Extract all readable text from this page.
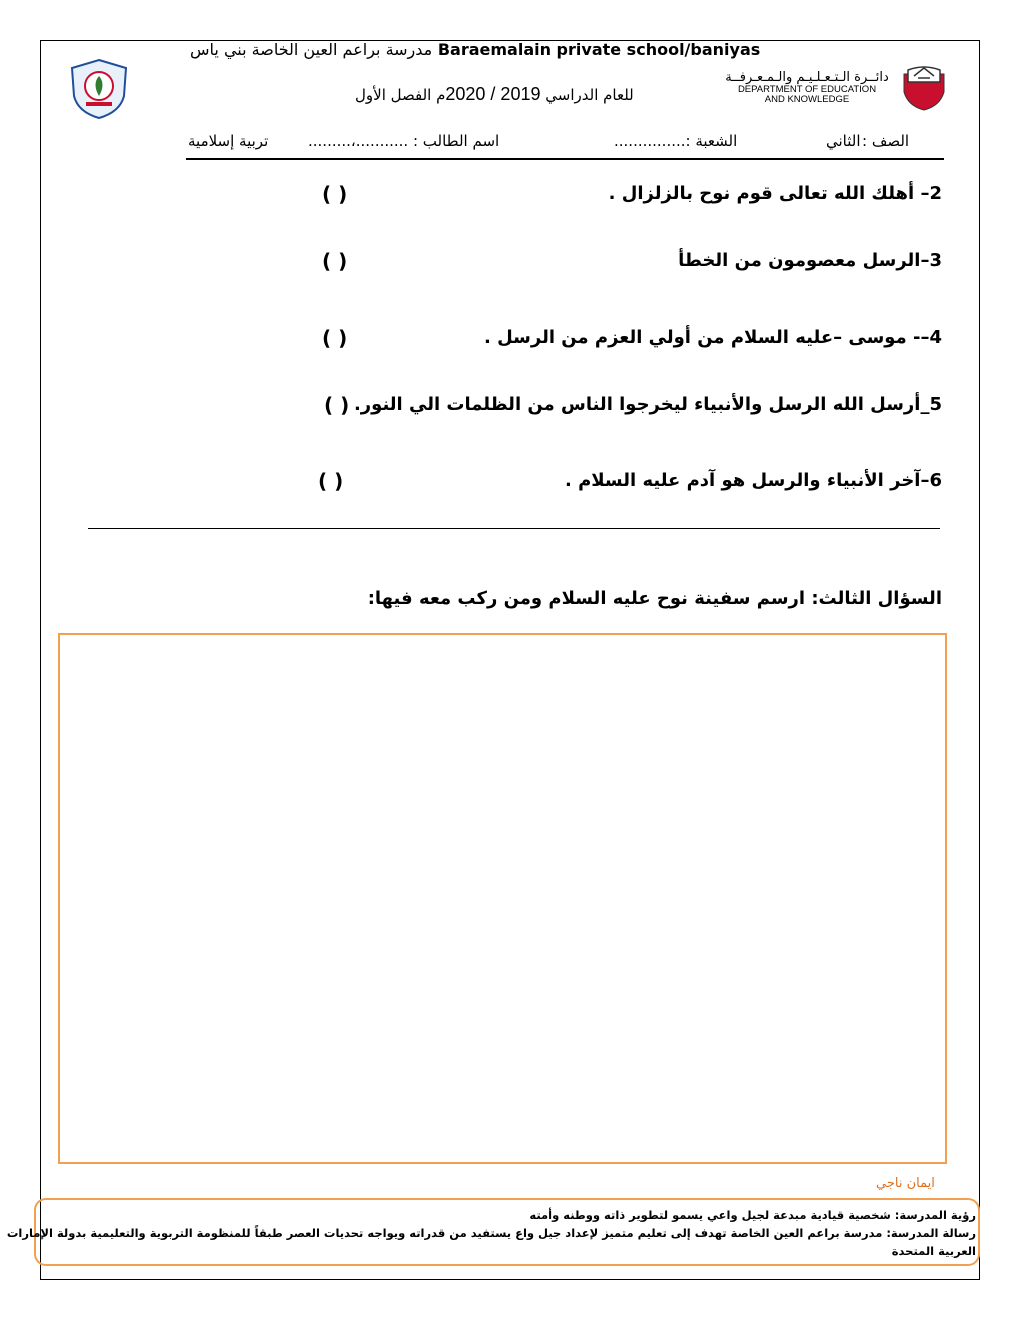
مدرسة براعم العين الخاصة بني ياس Baraemalain private school/baniyas
للعام الدراسي 2020 / 2019م الفصل الأول
دائــرة الـتـعـلـيـم والـمـعـرفــة
DEPARTMENT OF EDUCATION
AND KNOWLEDGE
الصف :
الثاني
الشعبة :...............
اسم الطالب : ...........،.........
تربية إسلامية
2– أهلك الله تعالى قوم نوح بالزلزال .
( )
3–الرسل معصومون من الخطأ
( )
4–- موسى –عليه السلام من أولي العزم من الرسل .
( )
5_أرسل الله الرسل والأنبياء ليخرجوا الناس من الظلمات الي النور.
( )
6–آخر الأنبياء والرسل هو آدم عليه السلام .
( )
السؤال الثالث: ارسم سفينة نوح عليه السلام ومن ركب معه فيها:
ايمان ناجي
رؤية المدرسة: شخصية قيادية مبدعة لجيل واعي يسمو لتطوير ذاته ووطنه وأمته
رسالة المدرسة: مدرسة براعم العين الخاصة تهدف إلى تعليم متميز لإعداد جيل واع يستفيد من قدراته ويواجه تحديات العصر طبقاً للمنظومة التربوية والتعليمية بدولة الإمارات
العربية المتحدة
